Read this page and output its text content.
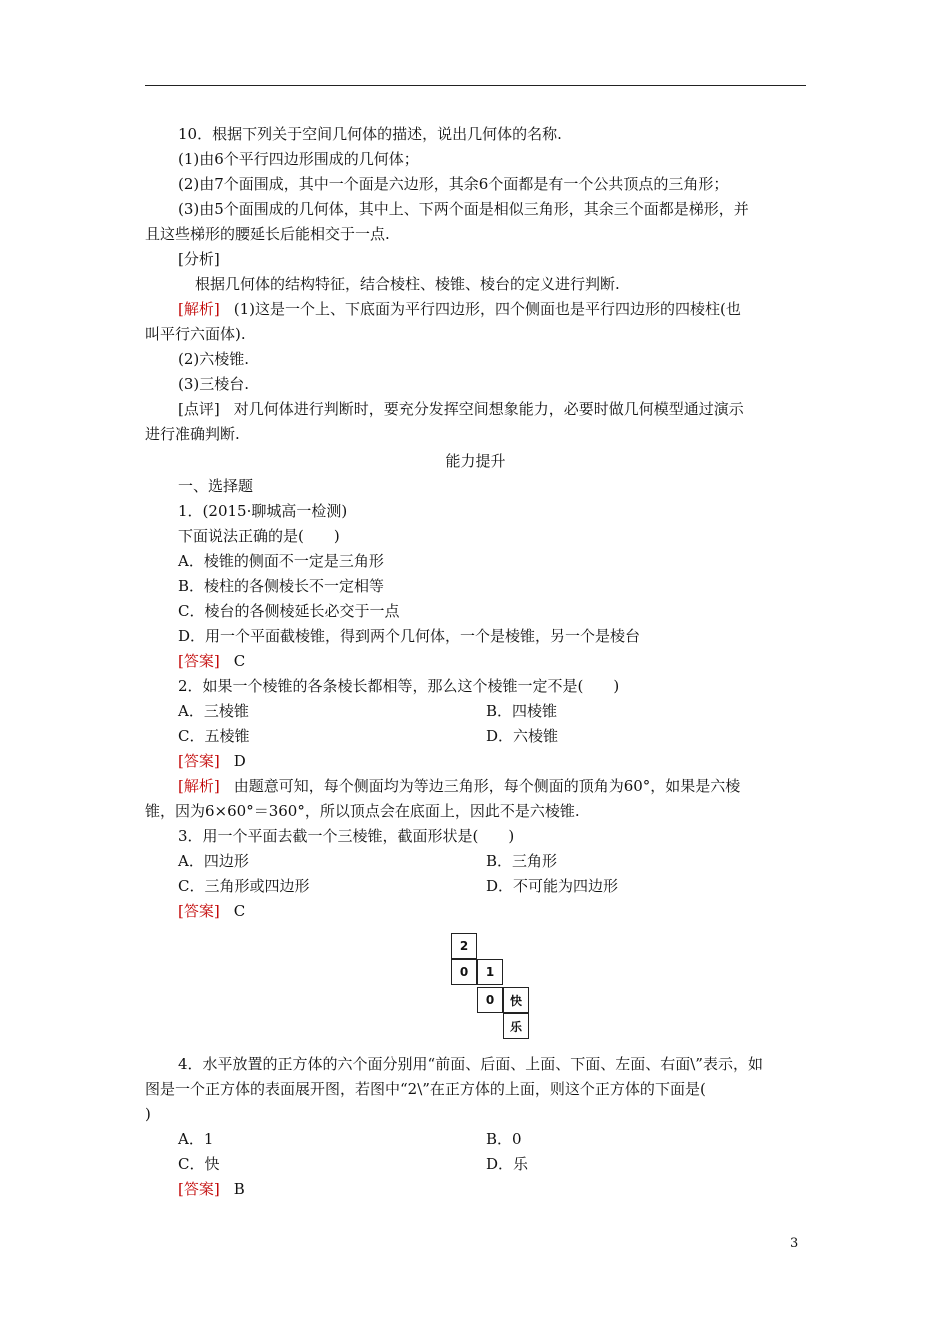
10．根据下列关于空间几何体的描述，说出几何体的名称.
(1)由6个平行四边形围成的几何体；
(2)由7个面围成，其中一个面是六边形，其余6个面都是有一个公共顶点的三角形；
(3)由5个面围成的几何体，其中上、下两个面是相似三角形，其余三个面都是梯形，并
且这些梯形的腰延长后能相交于一点.
[分析]
根据几何体的结构特征，结合棱柱、棱锥、棱台的定义进行判断.
[解析] (1)这是一个上、下底面为平行四边形，四个侧面也是平行四边形的四棱柱(也
叫平行六面体).
(2)六棱锥.
(3)三棱台.
[点评] 对几何体进行判断时，要充分发挥空间想象能力，必要时做几何模型通过演示
进行准确判断.
能力提升
一、选择题
1．(2015·聊城高一检测)
下面说法正确的是(　　)
A．棱锥的侧面不一定是三角形
B．棱柱的各侧棱长不一定相等
C．棱台的各侧棱延长必交于一点
D．用一个平面截棱锥，得到两个几何体，一个是棱锥，另一个是棱台
[答案] C
2．如果一个棱锥的各条棱长都相等，那么这个棱锥一定不是(　　)
A．三棱锥	B．四棱锥
C．五棱锥	D．六棱锥
[答案] D
[解析] 由题意可知，每个侧面均为等边三角形，每个侧面的顶角为60°，如果是六棱
锥，因为6×60°＝360°，所以顶点会在底面上，因此不是六棱锥.
3．用一个平面去截一个三棱锥，截面形状是(　　)
A．四边形	B．三角形
C．三角形或四边形	D．不可能为四边形
[答案] C
2
0	1
0	快
乐
4．水平放置的正方体的六个面分别用“前面、后面、上面、下面、左面、右面\”表示，如
图是一个正方体的表面展开图，若图中“2\”在正方体的上面，则这个正方体的下面是(
)
A．1	B．0
C．快	D．乐
[答案] B
3
